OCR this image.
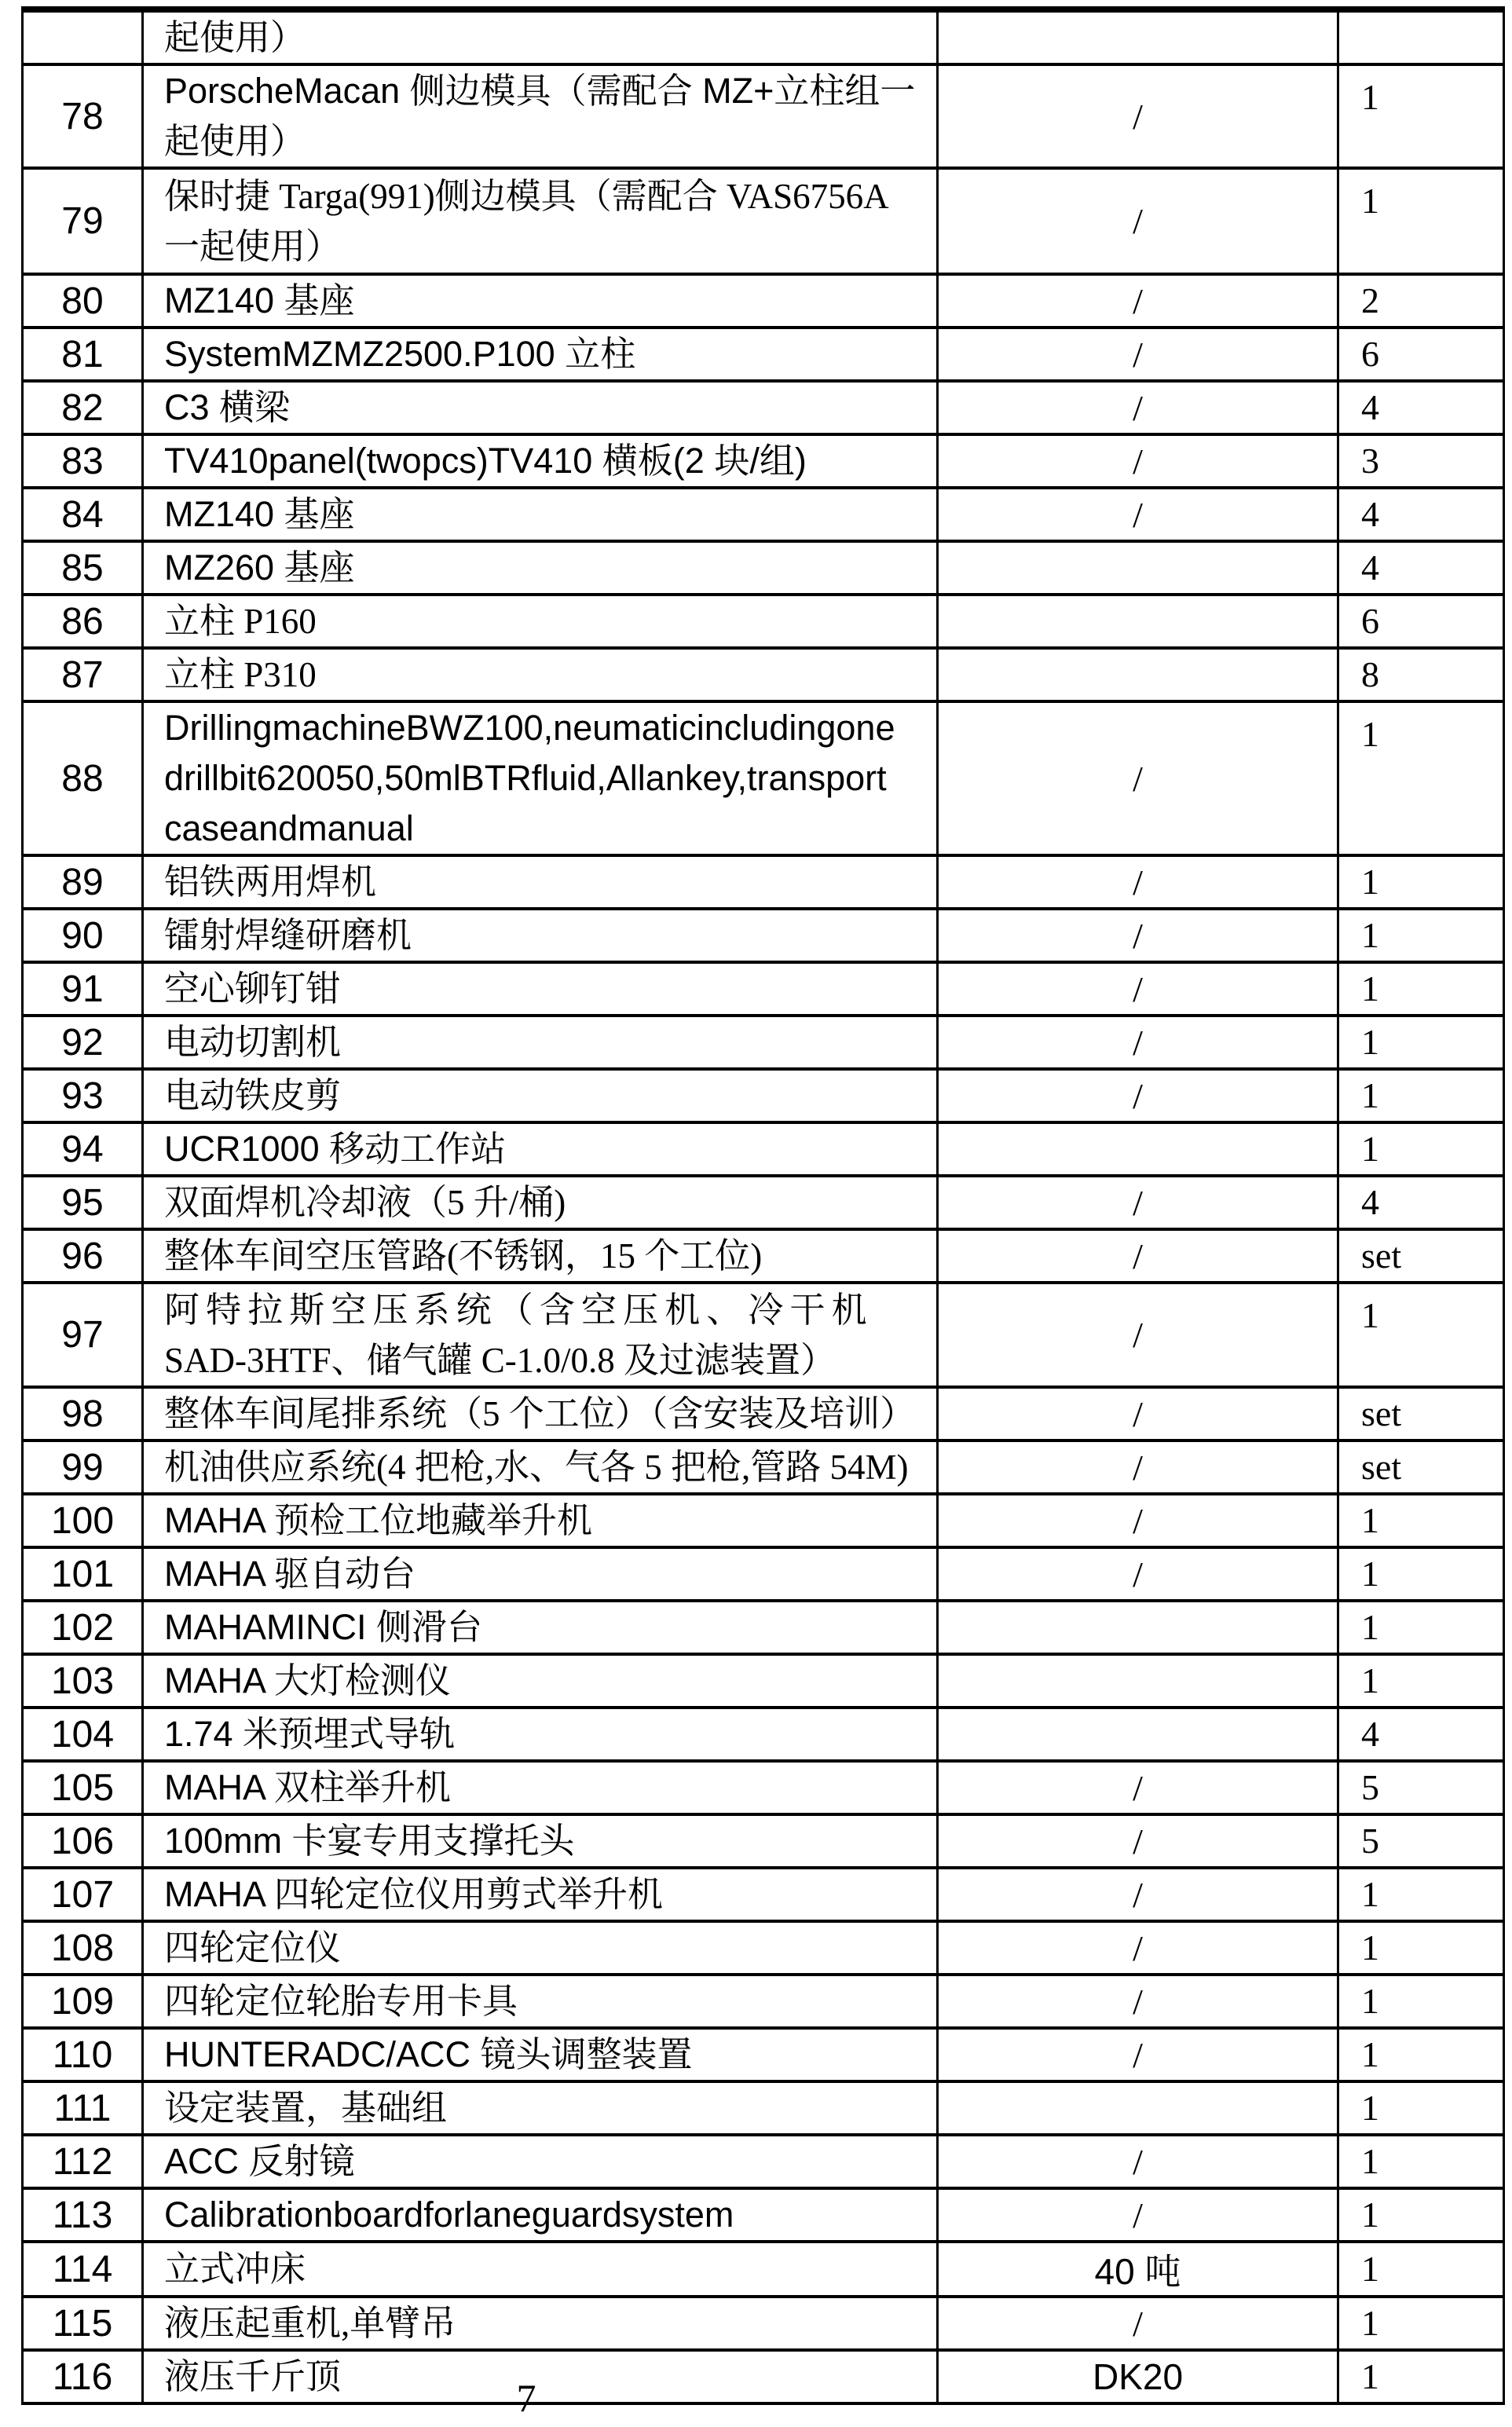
	起使用）		

78	PorscheMacan 侧边模具（需配合 MZ+立柱组一
起使用）	/	1
79	保时捷 Targa(991)侧边模具（需配合 VAS6756A
一起使用）	/	1
80	MZ140 基座	/	2
81	SystemMZMZ2500.P100 立柱	/	6
82	C3 横梁	/	4
83	TV410panel(twopcs)TV410 横板(2 块/组)	/	3
84	MZ140 基座	/	4
85	MZ260 基座		4
86	立柱 P160		6
87	立柱 P310		8
88	DrillingmachineBWZ100,neumaticincludingone
drillbit620050,50mlBTRfluid,Allankey,transport
caseandmanual	/	1
89	铝铁两用焊机	/	1
90	镭射焊缝研磨机	/	1
91	空心铆钉钳	/	1
92	电动切割机	/	1
93	电动铁皮剪	/	1
94	UCR1000 移动工作站		1
95	双面焊机冷却液（5 升/桶)	/	4
96	整体车间空压管路(不锈钢，15 个工位)	/	set
97	阿特拉斯空压系统（含空压机、冷干机
SAD-3HTF、储气罐 C-1.0/0.8 及过滤装置）	/	1
98	整体车间尾排系统（5 个工位）（含安装及培训）	/	set
99	机油供应系统(4 把枪,水、气各 5 把枪,管路 54M)	/	set
100	MAHA 预检工位地藏举升机	/	1
101	MAHA 驱自动台	/	1
102	MAHAMINCI 侧滑台		1
103	MAHA 大灯检测仪		1
104	1.74 米预埋式导轨		4
105	MAHA 双柱举升机	/	5
106	100mm 卡宴专用支撑托头	/	5
107	MAHA 四轮定位仪用剪式举升机	/	1
108	四轮定位仪	/	1
109	四轮定位轮胎专用卡具	/	1
110	HUNTERADC/ACC 镜头调整装置	/	1
111	设定装置，基础组		1
112	ACC 反射镜	/	1
113	Calibrationboardforlaneguardsystem	/	1
114	立式冲床	40 吨	1
115	液压起重机,单臂吊	/	1
116	液压千斤顶	DK20	1
7
